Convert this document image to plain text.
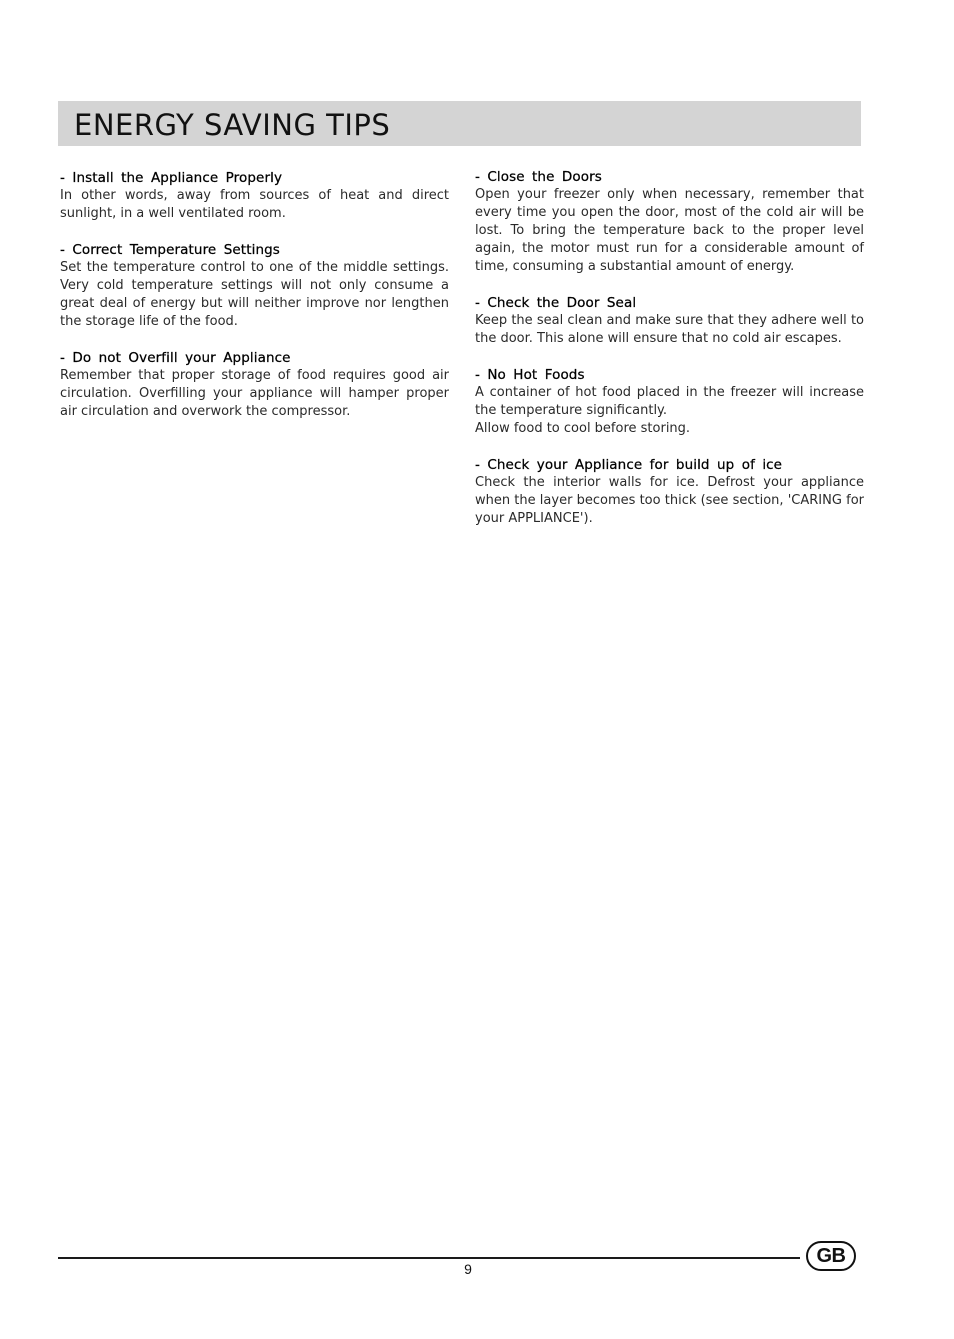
ENERGY SAVING TIPS
- Install the Appliance Properly

In other words, away from sources of heat and direct sunlight, in a well ventilated room.

- Correct Temperature Settings

Set the temperature control to one of the middle settings. Very cold temperature settings will not only consume a great deal of energy but will neither improve nor lengthen the storage life of the food.

- Do not Overfill your Appliance

Remember that proper storage of food requires good air circulation. Overfilling your appliance will hamper proper air circulation and overwork the compressor.

- Close the Doors

Open your freezer only when necessary, remember that every time you open the door, most of the cold air will be lost. To bring the temperature back to the proper level again, the motor must run for a considerable amount of time, consuming a substantial amount of energy.

- Check the Door Seal

Keep the seal clean and make sure that they adhere well to the door. This alone will ensure that no cold air escapes.

- No Hot Foods

A container of hot food placed in the freezer will increase the temperature significantly.

Allow food to cool before storing.

- Check your Appliance for build up of ice

Check the interior walls for ice. Defrost your appliance when the layer becomes too thick (see section, 'CARING for your APPLIANCE').

9
GB
